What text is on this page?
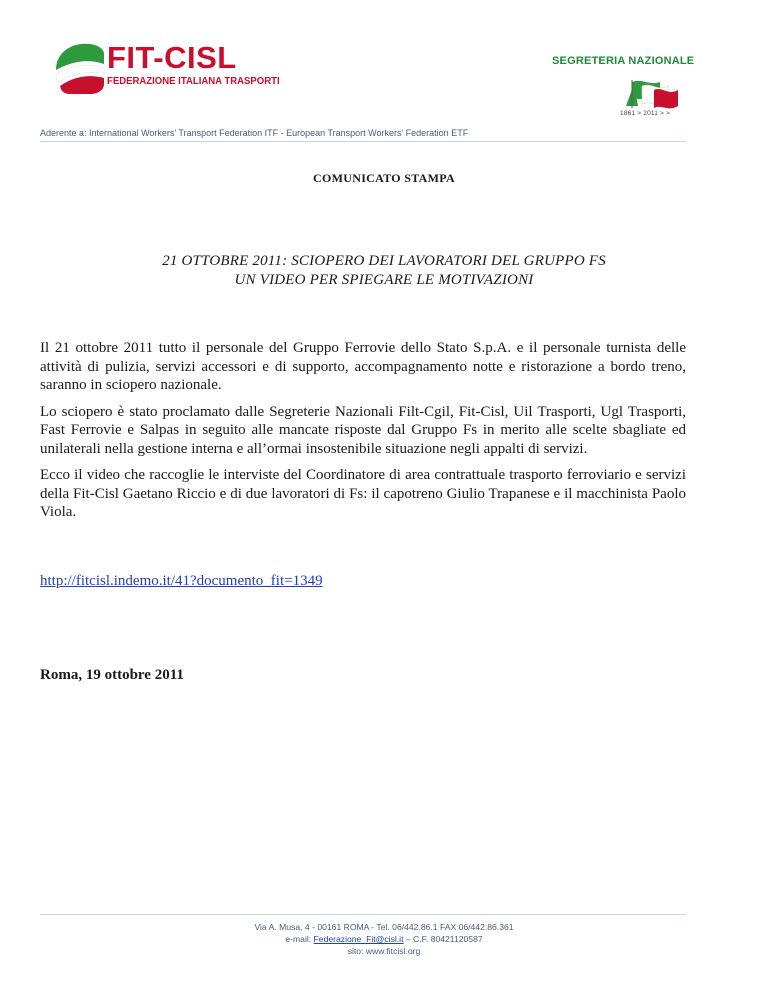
FIT-CISL
FEDERAZIONE ITALIANA TRASPORTI
SEGRETERIA NAZIONALE
1861 > 2011 > >
Aderente a: International Workers’ Transport Federation ITF - European Transport Workers’ Federation ETF
COMUNICATO STAMPA
21 OTTOBRE 2011: SCIOPERO DEI LAVORATORI DEL GRUPPO FS
UN VIDEO PER SPIEGARE LE MOTIVAZIONI

Il 21 ottobre 2011 tutto il personale del Gruppo Ferrovie dello Stato S.p.A. e il personale turnista delle attività di pulizia, servizi accessori e di supporto, accompagnamento notte e ristorazione a bordo treno, saranno in sciopero nazionale.

Lo sciopero è stato proclamato dalle Segreterie Nazionali Filt-Cgil, Fit-Cisl, Uil Trasporti, Ugl Trasporti, Fast Ferrovie e Salpas in seguito alle mancate risposte dal Gruppo Fs in merito alle scelte sbagliate ed unilaterali nella gestione interna e all’ormai insostenibile situazione negli appalti di servizi.

Ecco il video che raccoglie le interviste del Coordinatore di area contrattuale trasporto ferroviario e servizi della Fit-Cisl Gaetano Riccio e di due lavoratori di Fs: il capotreno Giulio Trapanese e il macchinista Paolo Viola.

http://fitcisl.indemo.it/41?documento_fit=1349
Roma, 19 ottobre 2011
Via A. Musa, 4 - 00161 ROMA - Tel. 06/442.86.1 FAX 06/442.86.361
e-mail: Federazione_Fit@cisl.it – C.F. 80421120587
sito: www.fitcisl.org
